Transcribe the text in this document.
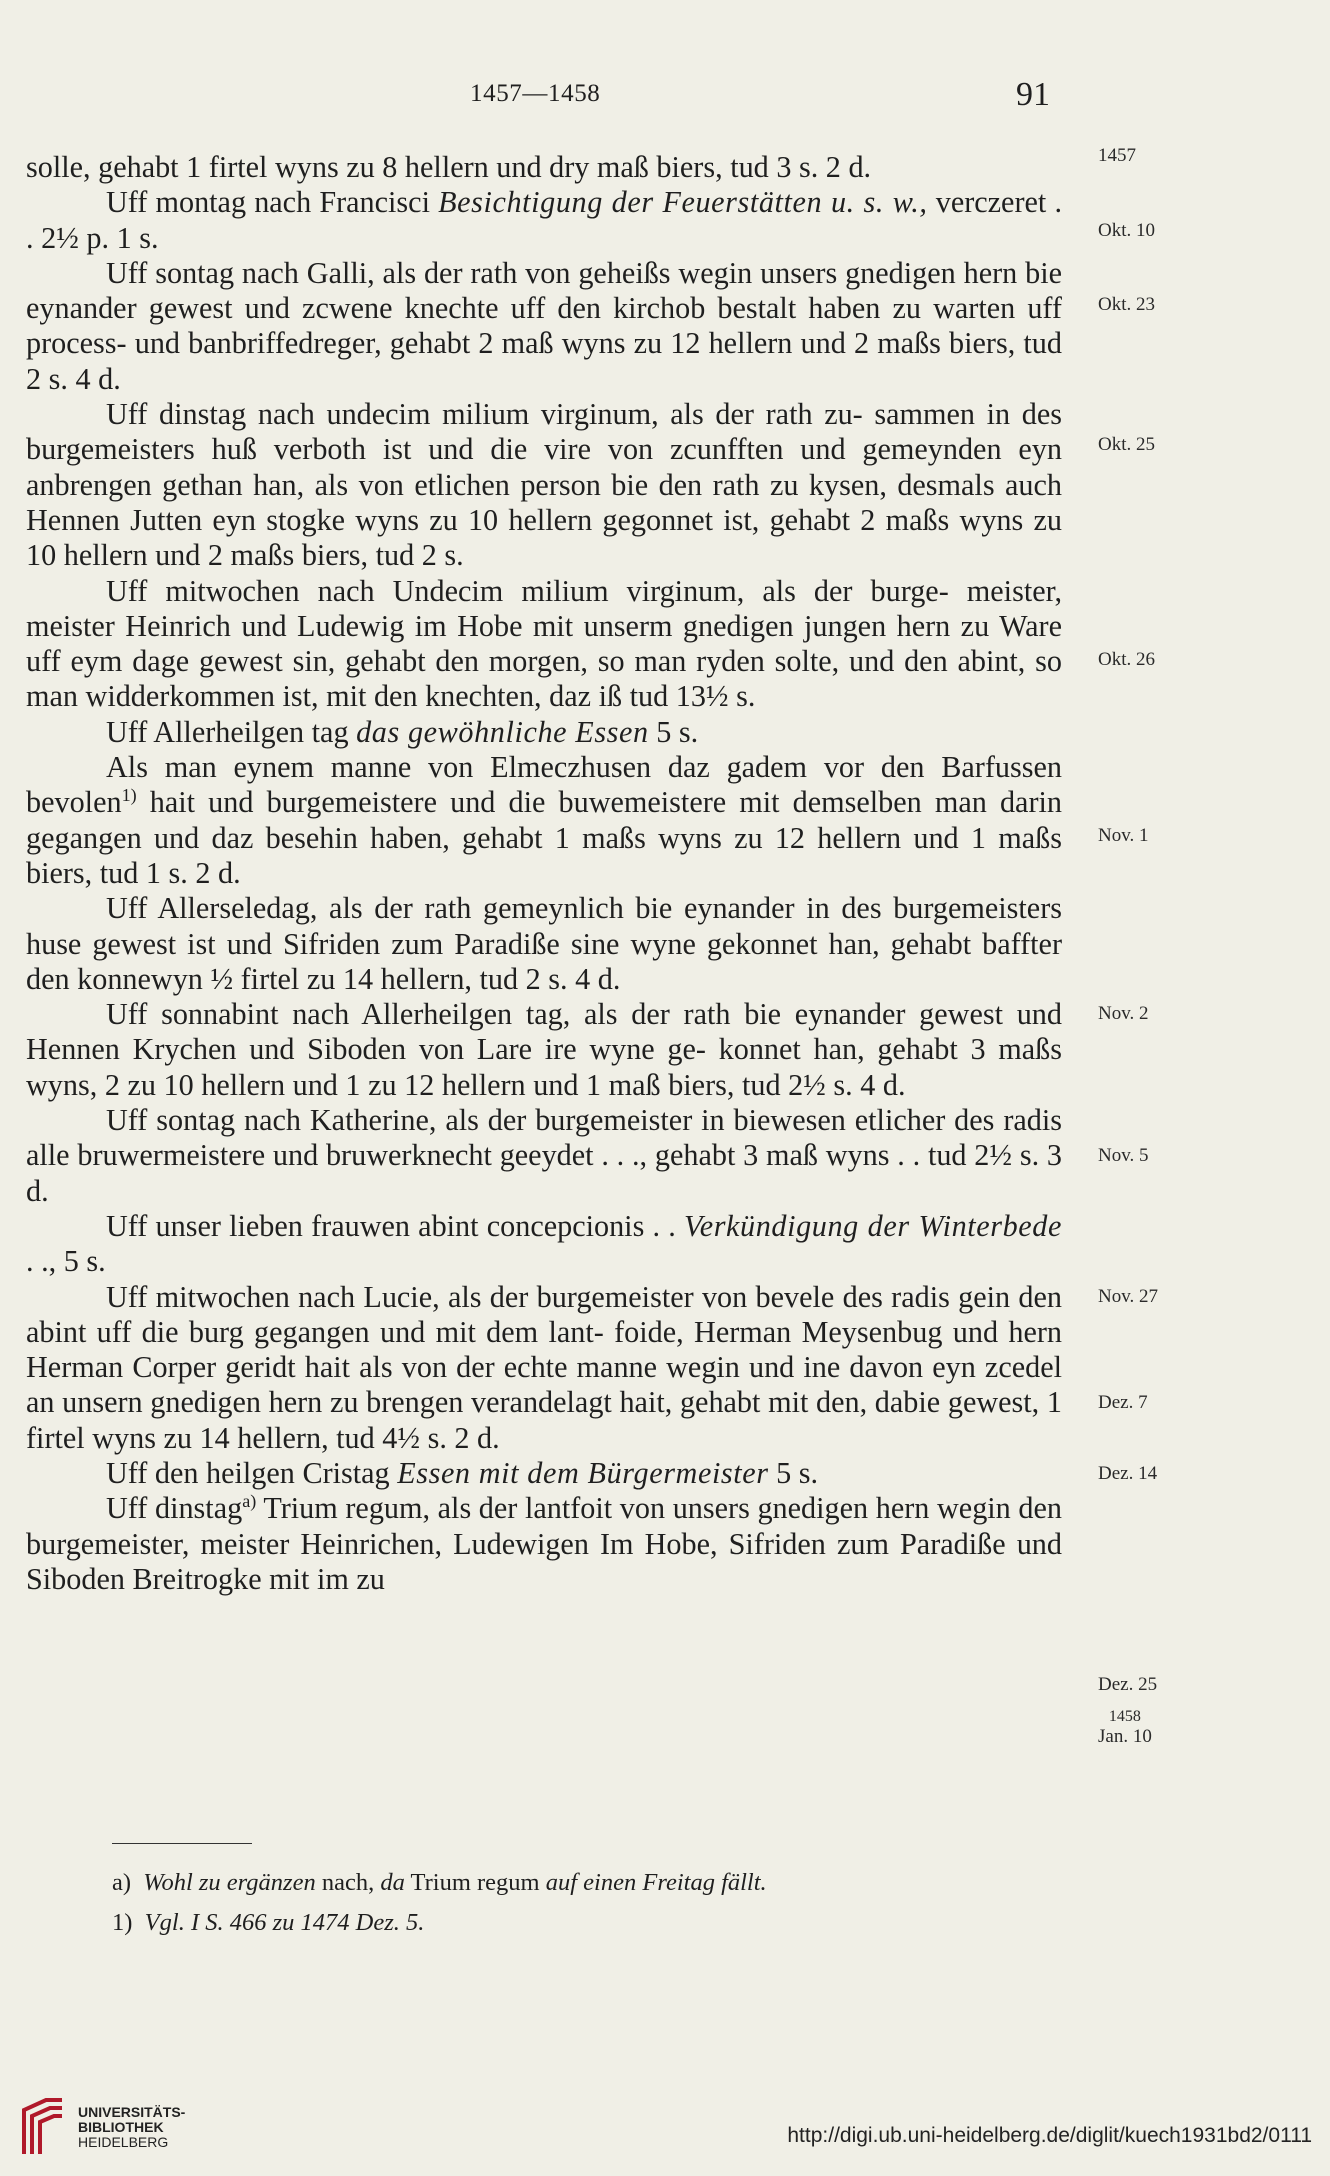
1457—1458	91
1457
Okt. 10
Okt. 23
Okt. 25
Okt. 26
Nov. 1
Nov. 2
Nov. 5
Nov. 27
Dez. 7
Dez. 14
Dez. 25
1458
Jan. 10

solle, gehabt 1 firtel wyns zu 8 hellern und dry maß biers, tud 3 s. 2 d.

Uff montag nach Francisci Besichtigung der Feuerstätten u. s. w., verczeret . . 2½ p. 1 s.

Uff sontag nach Galli, als der rath von geheißs wegin unsers gnedigen hern bie eynander gewest und zcwene knechte uff den kirchob bestalt haben zu warten uff process- und banbriffedreger, gehabt 2 maß wyns zu 12 hellern und 2 maßs biers, tud 2 s. 4 d.

Uff dinstag nach undecim milium virginum, als der rath zu- sammen in des burgemeisters huß verboth ist und die vire von zcunfften und gemeynden eyn anbrengen gethan han, als von etlichen person bie den rath zu kysen, desmals auch Hennen Jutten eyn stogke wyns zu 10 hellern gegonnet ist, gehabt 2 maßs wyns zu 10 hellern und 2 maßs biers, tud 2 s.

Uff mitwochen nach Undecim milium virginum, als der burge- meister, meister Heinrich und Ludewig im Hobe mit unserm gnedigen jungen hern zu Ware uff eym dage gewest sin, gehabt den morgen, so man ryden solte, und den abint, so man widderkommen ist, mit den knechten, daz iß tud 13½ s.

Uff Allerheilgen tag das gewöhnliche Essen 5 s.

Als man eynem manne von Elmeczhusen daz gadem vor den Barfussen bevolen$^{1)}$ hait und burgemeistere und die buwemeistere mit demselben man darin gegangen und daz besehin haben, gehabt 1 maßs wyns zu 12 hellern und 1 maßs biers, tud 1 s. 2 d.

Uff Allerseledag, als der rath gemeynlich bie eynander in des burgemeisters huse gewest ist und Sifriden zum Paradiße sine wyne gekonnet han, gehabt baffter den konnewyn ½ firtel zu 14 hellern, tud 2 s. 4 d.

Uff sonnabint nach Allerheilgen tag, als der rath bie eynander gewest und Hennen Krychen und Siboden von Lare ire wyne ge- konnet han, gehabt 3 maßs wyns, 2 zu 10 hellern und 1 zu 12 hellern und 1 maß biers, tud 2½ s. 4 d.

Uff sontag nach Katherine, als der burgemeister in biewesen etlicher des radis alle bruwermeistere und bruwerknecht geeydet . . ., gehabt 3 maß wyns . . tud 2½ s. 3 d.

Uff unser lieben frauwen abint concepcionis . . Verkündigung der Winterbede . ., 5 s.

Uff mitwochen nach Lucie, als der burgemeister von bevele des radis gein den abint uff die burg gegangen und mit dem lant- foide, Herman Meysenbug und hern Herman Corper geridt hait als von der echte manne wegin und ine davon eyn zcedel an unsern gnedigen hern zu brengen verandelagt hait, gehabt mit den, dabie gewest, 1 firtel wyns zu 14 hellern, tud 4½ s. 2 d.

Uff den heilgen Cristag Essen mit dem Bürgermeister 5 s.

Uff dinstag$^{a)}$ Trium regum, als der lantfoit von unsers gnedigen hern wegin den burgemeister, meister Heinrichen, Ludewigen Im Hobe, Sifriden zum Paradiße und Siboden Breitrogke mit im zu

a) Wohl zu ergänzen nach, da Trium regum auf einen Freitag fällt.

1) Vgl. I S. 466 zu 1474 Dez. 5.

UNIVERSITÄTS-
BIBLIOTHEK
HEIDELBERG	http://digi.ub.uni-heidelberg.de/diglit/kuech1931bd2/0111
